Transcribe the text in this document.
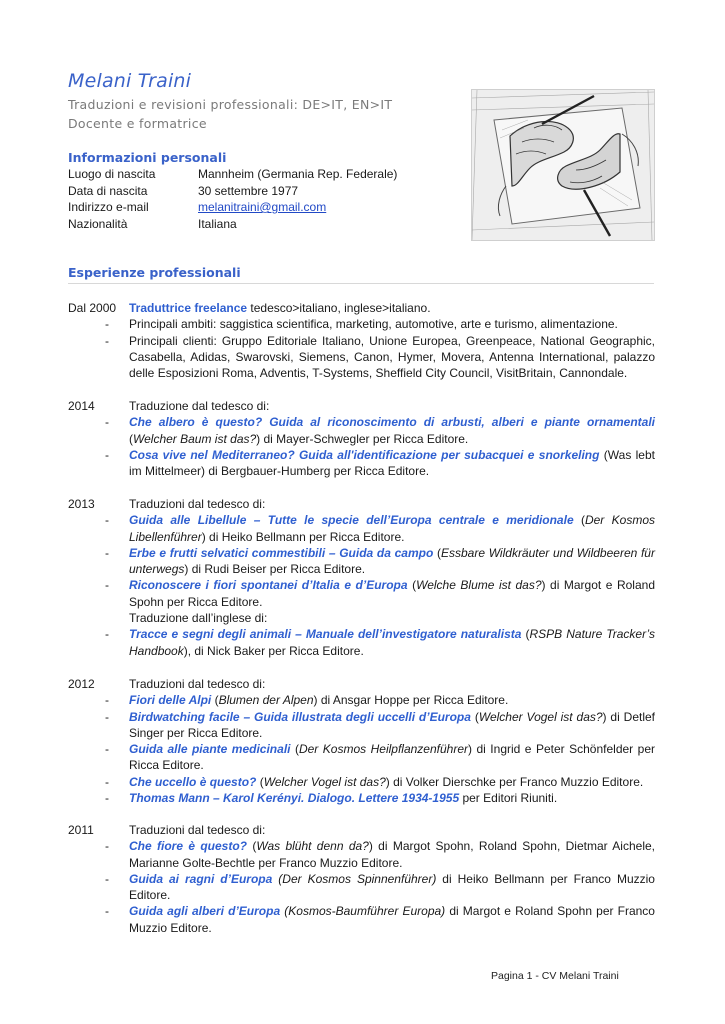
Melani Traini
Traduzioni e revisioni professionali: DE>IT, EN>IT
Docente e formatrice
Informazioni personali
Luogo di nascita	Mannheim (Germania Rep. Federale)
Data di nascita	30 settembre 1977
Indirizzo e-mail	melanitraini@gmail.com
Nazionalità	Italiana
Esperienze professionali
Dal 2000 Traduttrice freelance tedesco>italiano, inglese>italiano.

- Principali ambiti: saggistica scientifica, marketing, automotive, arte e turismo, alimentazione.
- Principali clienti: Gruppo Editoriale Italiano, Unione Europea, Greenpeace, National Geographic, Casabella, Adidas, Swarovski, Siemens, Canon, Hymer, Movera, Antenna International, palazzo delle Esposizioni Roma, Adventis, T-Systems, Sheffield City Council, VisitBritain, Cannondale.
2014	Traduzione dal tedesco di:

- Che albero è questo? Guida al riconoscimento di arbusti, alberi e piante ornamentali (Welcher Baum ist das?) di Mayer-Schwegler per Ricca Editore.
- Cosa vive nel Mediterraneo? Guida all'identificazione per subacquei e snorkeling (Was lebt im Mittelmeer) di Bergbauer-Humberg per Ricca Editore.
2013	Traduzioni dal tedesco di:

- Guida alle Libellule – Tutte le specie dell’Europa centrale e meridionale (Der Kosmos Libellenführer) di Heiko Bellmann per Ricca Editore.
- Erbe e frutti selvatici commestibili – Guida da campo (Essbare Wildkräuter und Wildbeeren für unterwegs) di Rudi Beiser per Ricca Editore.
- Riconoscere i fiori spontanei d’Italia e d’Europa (Welche Blume ist das?) di Margot e Roland Spohn per Ricca Editore.

Traduzione dall’inglese di:

- Tracce e segni degli animali – Manuale dell’investigatore naturalista (RSPB Nature Tracker’s Handbook), di Nick Baker per Ricca Editore.
2012	Traduzioni dal tedesco di:

- Fiori delle Alpi (Blumen der Alpen) di Ansgar Hoppe per Ricca Editore.
- Birdwatching facile – Guida illustrata degli uccelli d’Europa (Welcher Vogel ist das?) di Detlef Singer per Ricca Editore.
- Guida alle piante medicinali (Der Kosmos Heilpflanzenführer) di Ingrid e Peter Schönfelder per Ricca Editore.
- Che uccello è questo? (Welcher Vogel ist das?) di Volker Dierschke per Franco Muzzio Editore.
- Thomas Mann – Karol Kerényi. Dialogo. Lettere 1934-1955 per Editori Riuniti.
2011	Traduzioni dal tedesco di:

- Che fiore è questo? (Was blüht denn da?) di Margot Spohn, Roland Spohn, Dietmar Aichele, Marianne Golte-Bechtle per Franco Muzzio Editore.
- Guida ai ragni d’Europa (Der Kosmos Spinnenführer) di Heiko Bellmann per Franco Muzzio Editore.
- Guida agli alberi d’Europa (Kosmos-Baumführer Europa) di Margot e Roland Spohn per Franco Muzzio Editore.
Pagina 1 - CV Melani Traini
